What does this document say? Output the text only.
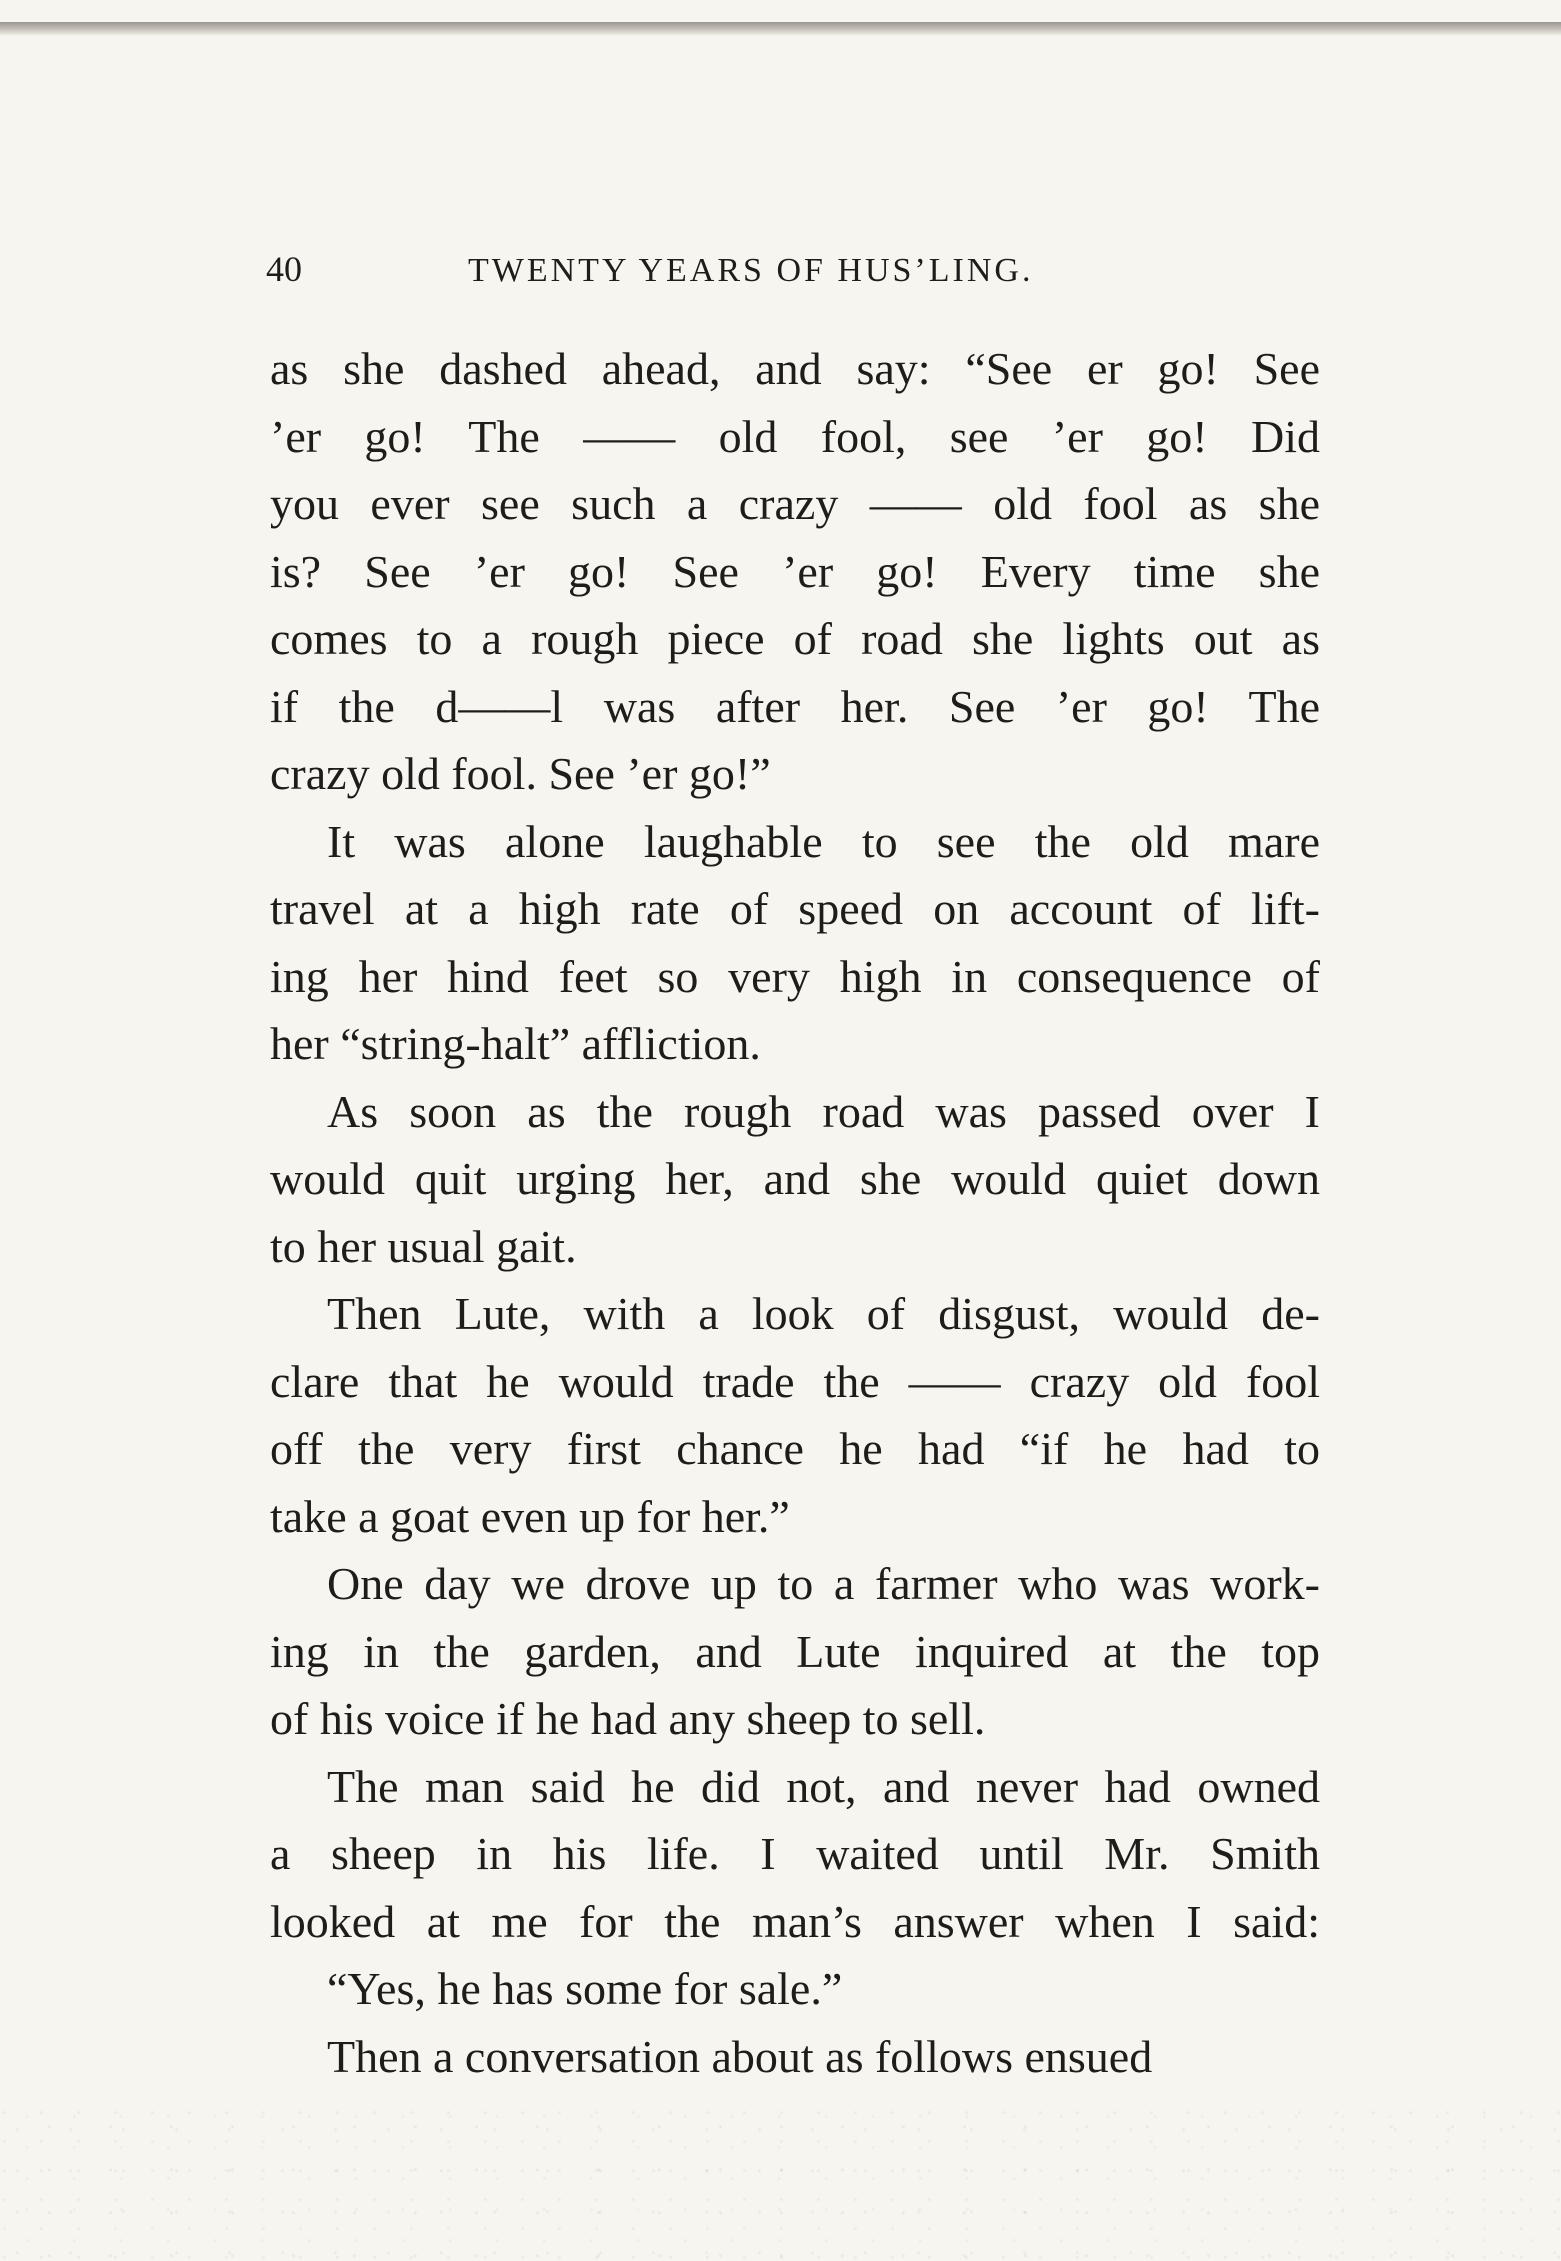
40	TWENTY YEARS OF HUS’LING.
as she dashed ahead, and say: “See er go! See
’er go! The —— old fool, see ’er go! Did
you ever see such a crazy —— old fool as she
is? See ’er go! See ’er go! Every time she
comes to a rough piece of road she lights out as
if the d——l was after her. See ’er go! The
crazy old fool. See ’er go!”
It was alone laughable to see the old mare
travel at a high rate of speed on account of lift-
ing her hind feet so very high in consequence of
her “string-halt” affliction.
As soon as the rough road was passed over I
would quit urging her, and she would quiet down
to her usual gait.
Then Lute, with a look of disgust, would de-
clare that he would trade the —— crazy old fool
off the very first chance he had “if he had to
take a goat even up for her.”
One day we drove up to a farmer who was work-
ing in the garden, and Lute inquired at the top
of his voice if he had any sheep to sell.
The man said he did not, and never had owned
a sheep in his life. I waited until Mr. Smith
looked at me for the man’s answer when I said:
“Yes, he has some for sale.”
Then a conversation about as follows ensued
